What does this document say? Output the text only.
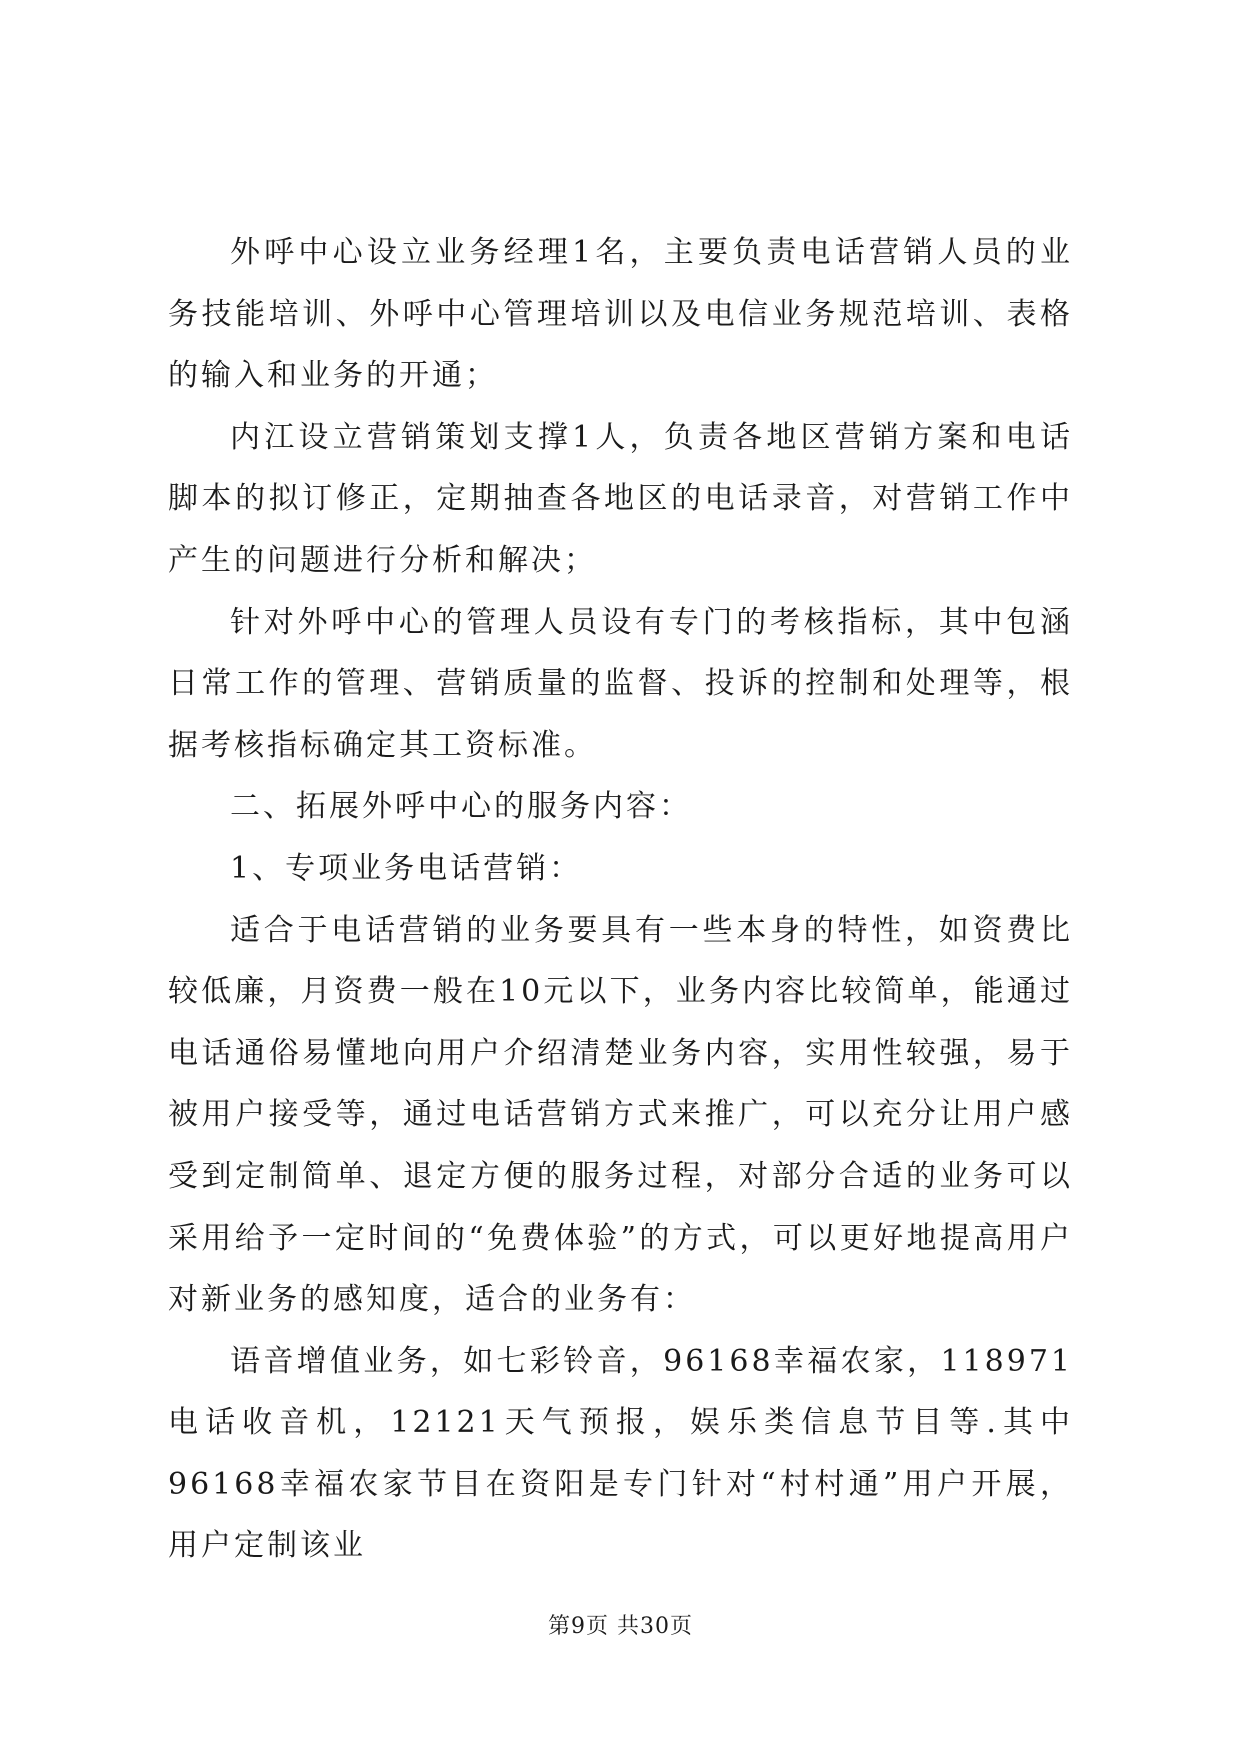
外呼中心设立业务经理1名，主要负责电话营销人员的业务技能培训、外呼中心管理培训以及电信业务规范培训、表格的输入和业务的开通；

内江设立营销策划支撑1人，负责各地区营销方案和电话脚本的拟订修正，定期抽查各地区的电话录音，对营销工作中产生的问题进行分析和解决；

针对外呼中心的管理人员设有专门的考核指标，其中包涵日常工作的管理、营销质量的监督、投诉的控制和处理等，根据考核指标确定其工资标准。

二、拓展外呼中心的服务内容：

1、专项业务电话营销：

适合于电话营销的业务要具有一些本身的特性，如资费比较低廉，月资费一般在10元以下，业务内容比较简单，能通过电话通俗易懂地向用户介绍清楚业务内容，实用性较强，易于被用户接受等，通过电话营销方式来推广，可以充分让用户感受到定制简单、退定方便的服务过程，对部分合适的业务可以采用给予一定时间的“免费体验”的方式，可以更好地提高用户对新业务的感知度，适合的业务有：

语音增值业务，如七彩铃音，96168幸福农家，118971电话收音机，12121天气预报，娱乐类信息节目等.其中96168幸福农家节目在资阳是专门针对“村村通”用户开展，用户定制该业

第9页 共30页
